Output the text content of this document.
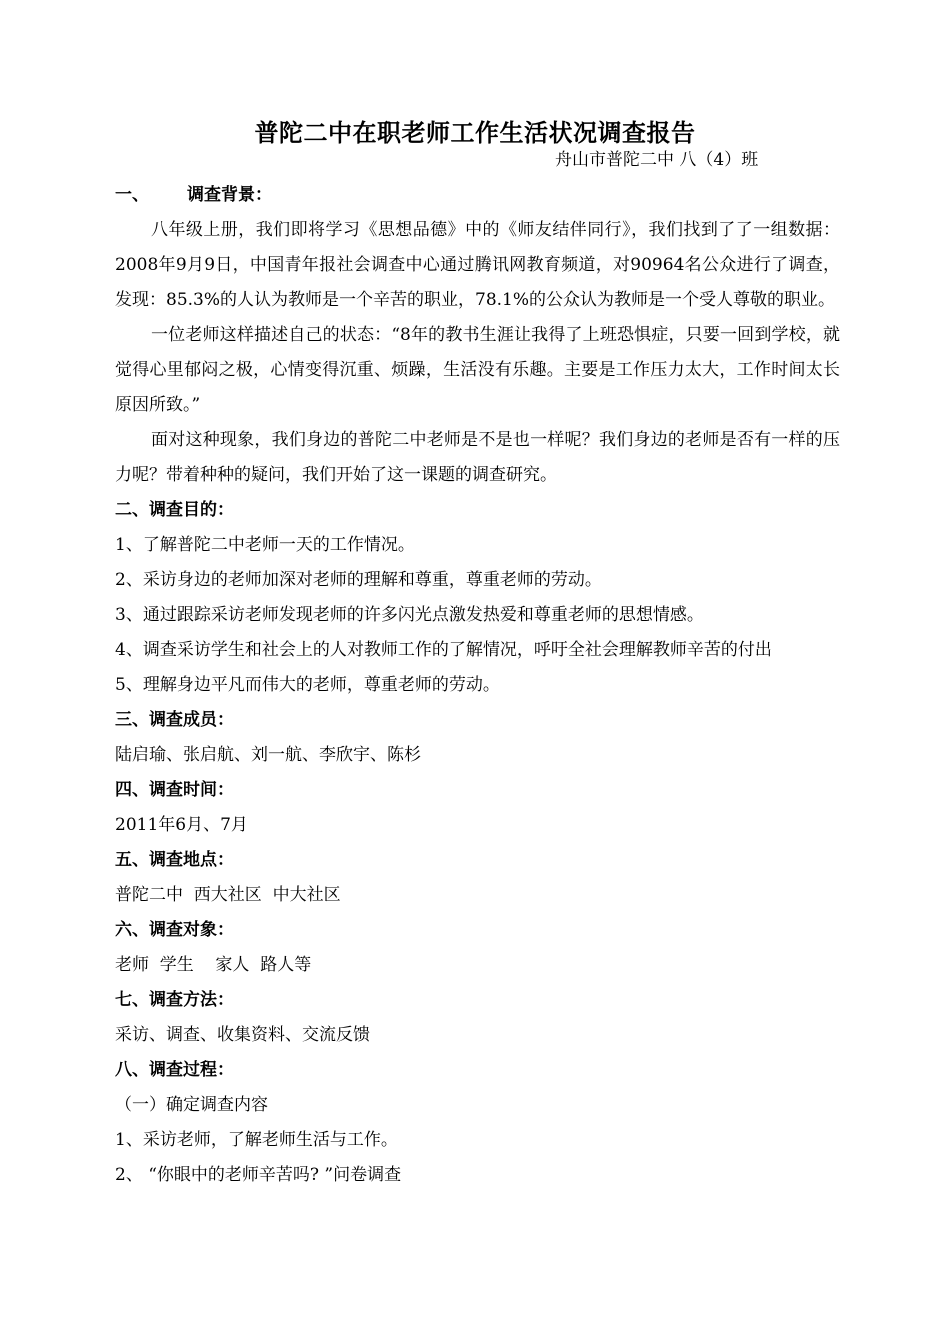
普陀二中在职老师工作生活状况调查报告
舟山市普陀二中 八（4）班

一、 调查背景：

八年级上册，我们即将学习《思想品德》中的《师友结伴同行》，我们找到了了一组数据：2008年9月9日，中国青年报社会调查中心通过腾讯网教育频道，对90964名公众进行了调查，发现：85.3%的人认为教师是一个辛苦的职业，78.1%的公众认为教师是一个受人尊敬的职业。

一位老师这样描述自己的状态：“8年的教书生涯让我得了上班恐惧症，只要一回到学校，就觉得心里郁闷之极，心情变得沉重、烦躁，生活没有乐趣。主要是工作压力太大，工作时间太长原因所致。”

面对这种现象，我们身边的普陀二中老师是不是也一样呢？我们身边的老师是否有一样的压力呢？带着种种的疑问，我们开始了这一课题的调查研究。

二、调查目的：

1、了解普陀二中老师一天的工作情况。

2、采访身边的老师加深对老师的理解和尊重，尊重老师的劳动。

3、通过跟踪采访老师发现老师的许多闪光点激发热爱和尊重老师的思想情感。

4、调查采访学生和社会上的人对教师工作的了解情况，呼吁全社会理解教师辛苦的付出

5、理解身边平凡而伟大的老师，尊重老师的劳动。

三、调查成员：

陆启瑜、张启航、刘一航、李欣宇、陈杉

四、调查时间：

2011年6月、7月

五、调查地点：

普陀二中  西大社区  中大社区

六、调查对象：

老师  学生    家人  路人等

七、调查方法：

采访、调查、收集资料、交流反馈

八、调查过程：

（一）确定调查内容

1、采访老师，了解老师生活与工作。

2、 “你眼中的老师辛苦吗? ”问卷调查
